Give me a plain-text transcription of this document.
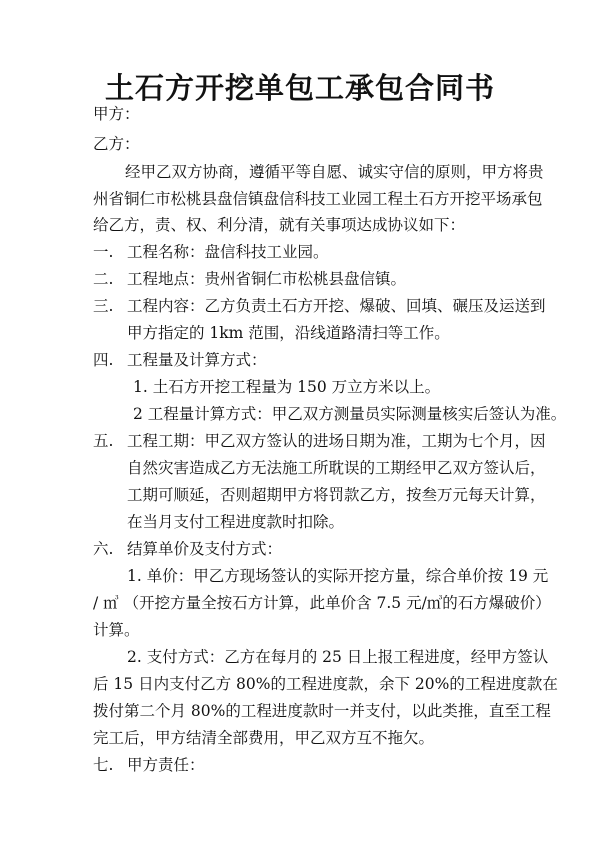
土石方开挖单包工承包合同书
甲方：
乙方：
经甲乙双方协商，遵循平等自愿、诚实守信的原则，甲方将贵
州省铜仁市松桃县盘信镇盘信科技工业园工程土石方开挖平场承包
给乙方，责、权、利分清，就有关事项达成协议如下：
一. 工程名称：盘信科技工业园。
二. 工程地点：贵州省铜仁市松桃县盘信镇。
三. 工程内容：乙方负责土石方开挖、爆破、回填、碾压及运送到
甲方指定的 1km 范围，沿线道路清扫等工作。
四. 工程量及计算方式：
1. 土石方开挖工程量为 150 万立方米以上。
2 工程量计算方式：甲乙双方测量员实际测量核实后签认为准。
五. 工程工期：甲乙双方签认的进场日期为准，工期为七个月，因
自然灾害造成乙方无法施工所耽误的工期经甲乙双方签认后，
工期可顺延，否则超期甲方将罚款乙方，按叁万元每天计算，
在当月支付工程进度款时扣除。
六. 结算单价及支付方式：
1. 单价：甲乙方现场签认的实际开挖方量，综合单价按 19 元
/ ㎥ （开挖方量全按石方计算，此单价含 7.5 元/㎥的石方爆破价）
计算。
2. 支付方式：乙方在每月的 25 日上报工程进度，经甲方签认
后 15 日内支付乙方 80%的工程进度款，余下 20%的工程进度款在
拨付第二个月 80%的工程进度款时一并支付，以此类推，直至工程
完工后，甲方结清全部费用，甲乙双方互不拖欠。
七. 甲方责任：
